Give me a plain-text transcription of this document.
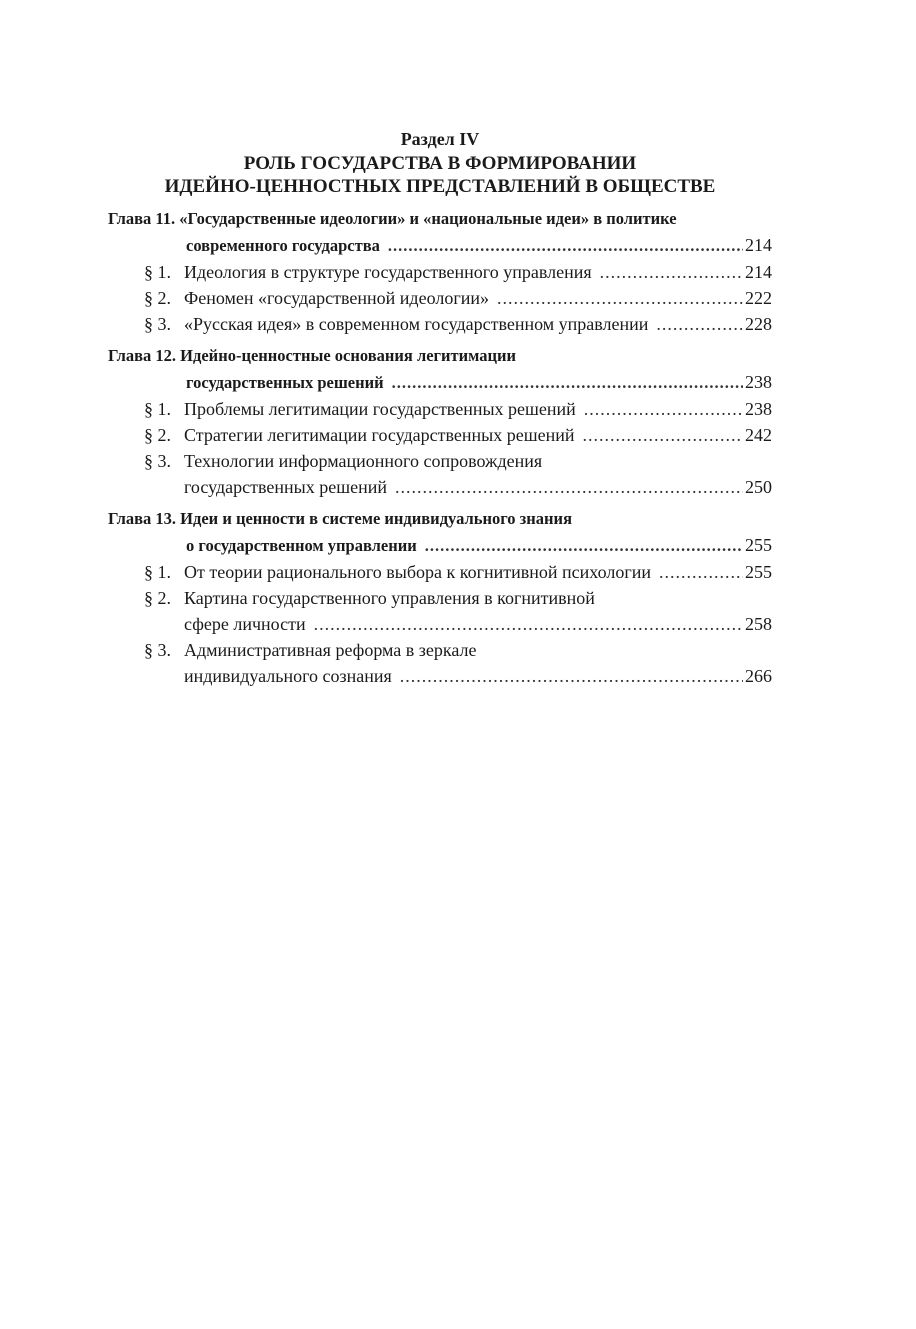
Раздел IV
РОЛЬ ГОСУДАРСТВА В ФОРМИРОВАНИИ
ИДЕЙНО-ЦЕННОСТНЫХ ПРЕДСТАВЛЕНИЙ В ОБЩЕСТВЕ
Глава 11. «Государственные идеологии» и «национальные идеи» в политике
современного государства .....	214
§ 1. Идеология в структуре государственного управления .....	214
§ 2. Феномен «государственной идеологии» .....	222
§ 3. «Русская идея» в современном государственном управлении .....	228
Глава 12. Идейно-ценностные основания легитимации
государственных решений .....	238
§ 1. Проблемы легитимации государственных решений .....	238
§ 2. Стратегии легитимации государственных решений .....	242
§ 3. Технологии информационного сопровождения
государственных решений .....	250
Глава 13. Идеи и ценности в системе индивидуального знания
о государственном управлении .....	255
§ 1. От теории рационального выбора к когнитивной психологии .....	255
§ 2. Картина государственного управления в когнитивной
сфере личности .....	258
§ 3. Административная реформа в зеркале
индивидуального сознания .....	266
